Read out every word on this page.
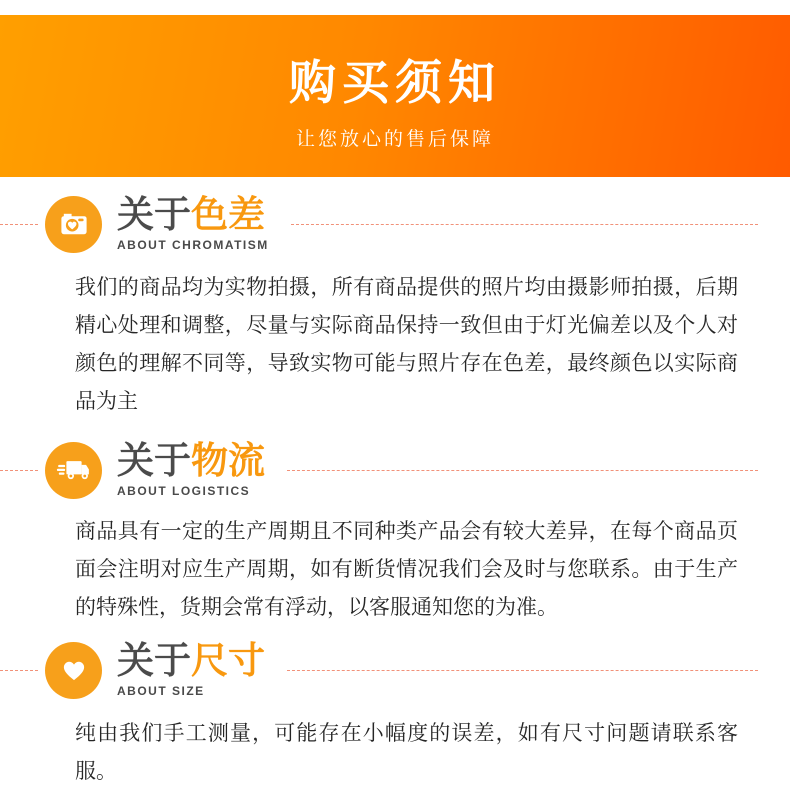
购买须知
让您放心的售后保障
关于色差
ABOUT CHROMATISM

我们的商品均为实物拍摄，所有商品提供的照片均由摄影师拍摄，后期精心处理和调整，尽量与实际商品保持一致但由于灯光偏差以及个人对颜色的理解不同等，导致实物可能与照片存在色差，最终颜色以实际商品为主

关于物流
ABOUT LOGISTICS

商品具有一定的生产周期且不同种类产品会有较大差异，在每个商品页面会注明对应生产周期，如有断货情况我们会及时与您联系。由于生产的特殊性，货期会常有浮动，以客服通知您的为准。

关于尺寸
ABOUT SIZE

纯由我们手工测量，可能存在小幅度的误差，如有尺寸问题请联系客服。
